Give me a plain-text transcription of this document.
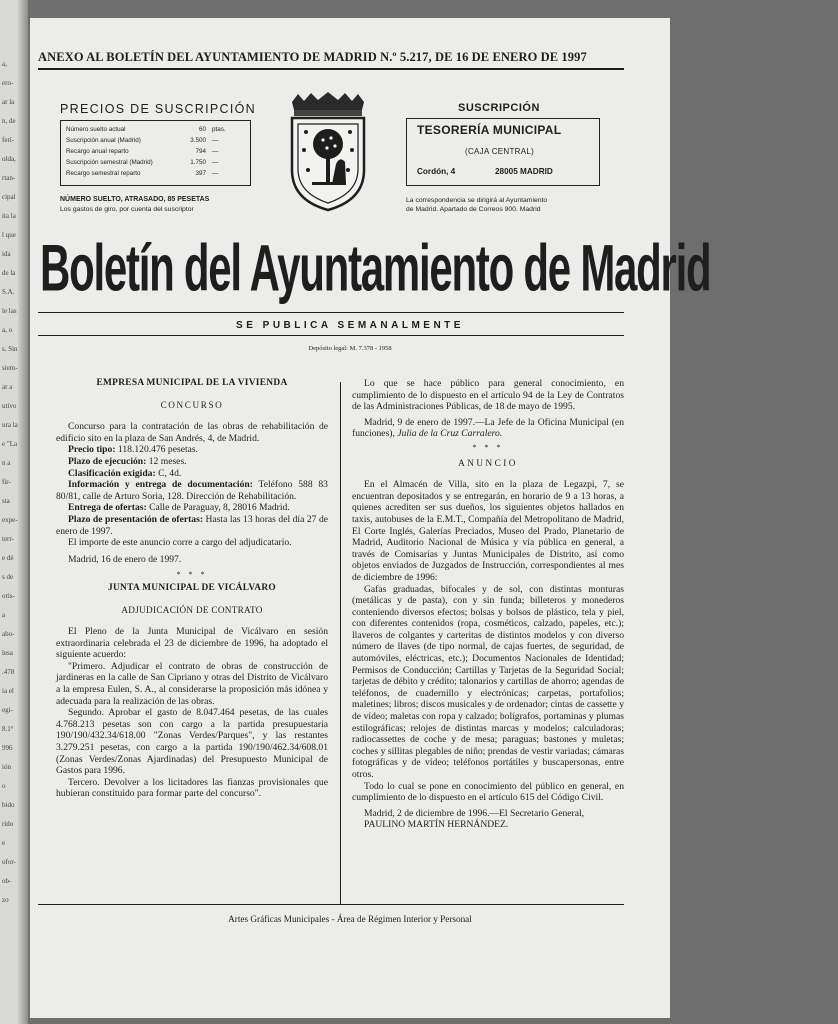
a,
ero-
ar la
n, de
ferí-
olda,
rtan-
cipal
ita la
l que
ida
de la
S.A.
le las
a, o
s. Sin
siem-
ar a
utivo
ura la
e "La
n a
fir-
sta
expe-
terr-
e dé
s de
oris-
a
abo-
lesa
.478
ia el
egi-
8.1ª
996
ión
o
bido
rido
e
ofor-
ob-
zo
ANEXO AL BOLETÍN DEL AYUNTAMIENTO DE MADRID N.º 5.217, DE 16 DE ENERO DE 1997
PRECIOS DE SUSCRIPCIÓN
Número suelto actual	60 ptas.
Suscripción anual (Madrid)	3.500 —
Recargo anual reparto	794 —
Suscripción semestral (Madrid)	1.750 —
Recargo semestral reparto	397 —
NÚMERO SUELTO, ATRASADO, 85 PESETAS
Los gastos de giro, por cuenta del suscriptor
SUSCRIPCIÓN
TESORERÍA MUNICIPAL
(CAJA CENTRAL)
Cordón, 4	28005 MADRID
La correspondencia se dirigirá al Ayuntamiento
de Madrid. Apartado de Correos 900. Madrid
Boletín del Ayuntamiento de Madrid
SE PUBLICA SEMANALMENTE
Depósito legal: M. 7.378 - 1958

EMPRESA MUNICIPAL DE LA VIVIENDA

CONCURSO

Concurso para la contratación de las obras de rehabilitación de edificio sito en la plaza de San Andrés, 4, de Madrid.

Precio tipo: 118.120.476 pesetas.

Plazo de ejecución: 12 meses.

Clasificación exigida: C, 4d.

Información y entrega de documentación: Teléfono 588 83 80/81, calle de Arturo Soria, 128. Dirección de Rehabilitación.

Entrega de ofertas: Calle de Paraguay, 8, 28016 Madrid.

Plazo de presentación de ofertas: Hasta las 13 horas del día 27 de enero de 1997.

El importe de este anuncio corre a cargo del adjudicatario.

Madrid, 16 de enero de 1997.

* * *

JUNTA MUNICIPAL DE VICÁLVARO

ADJUDICACIÓN DE CONTRATO

El Pleno de la Junta Municipal de Vicálvaro en sesión extraordinaria celebrada el 23 de diciembre de 1996, ha adoptado el siguiente acuerdo:

"Primero. Adjudicar el contrato de obras de construcción de jardineras en la calle de San Cipriano y otras del Distrito de Vicálvaro a la empresa Eulen, S. A., al considerarse la proposición más idónea y adecuada para la realización de las obras.

Segundo. Aprobar el gasto de 8.047.464 pesetas, de las cuales 4.768.213 pesetas son con cargo a la partida presupuestaria 190/190/432.34/618.00 "Zonas Verdes/Parques", y las restantes 3.279.251 pesetas, con cargo a la partida 190/190/462.34/608.01 (Zonas Verdes/Zonas Ajardinadas) del Presupuesto Municipal de Gastos para 1996.

Tercero. Devolver a los licitadores las fianzas provisionales que hubieran constituido para formar parte del concurso".

Lo que se hace público para general conocimiento, en cumplimiento de lo dispuesto en el artículo 94 de la Ley de Contratos de las Administraciones Públicas, de 18 de mayo de 1995.

Madrid, 9 de enero de 1997.—La Jefe de la Oficina Municipal (en funciones), Julia de la Cruz Carralero.

* * *

ANUNCIO

En el Almacén de Villa, sito en la plaza de Legazpi, 7, se encuentran depositados y se entregarán, en horario de 9 a 13 horas, a quienes acrediten ser sus dueños, los siguientes objetos hallados en taxis, autobuses de la E.M.T., Compañía del Metropolitano de Madrid, El Corte Inglés, Galerías Preciados, Museo del Prado, Planetario de Madrid, Auditorio Nacional de Música y vía pública en general, a través de Comisarías y Juntas Municipales de Distrito, así como objetos enviados de Juzgados de Instrucción, correspondientes al mes de diciembre de 1996:

Gafas graduadas, bifocales y de sol, con distintas monturas (metálicas y de pasta), con y sin funda; billeteros y monederos conteniendo diversos efectos; bolsas y bolsos de plástico, tela y piel, con diferentes contenidos (ropa, cosméticos, calzado, papeles, etc.); llaveros de colgantes y carteritas de distintos modelos y con diverso número de llaves (de tipo normal, de cajas fuertes, de seguridad, de automóviles, eléctricas, etc.); Documentos Nacionales de Identidad; Permisos de Conducción; Cartillas y Tarjetas de la Seguridad Social; tarjetas de débito y crédito; talonarios y cartillas de ahorro; agendas de teléfonos, de cuadernillo y electrónicas; carpetas, portafolios; maletines; libros; discos musicales y de ordenador; cintas de cassette y de vídeo; maletas con ropa y calzado; bolígrafos, portaminas y plumas estilográficas; relojes de distintas marcas y modelos; calculadoras; radiocassettes de coche y de mesa; paraguas; bastones y muletas; coches y sillitas plegables de niño; prendas de vestir variadas; cámaras fotográficas y de vídeo; teléfonos portátiles y buscapersonas, entre otros.

Todo lo cual se pone en conocimiento del público en general, en cumplimiento de lo dispuesto en el artículo 615 del Código Civil.

Madrid, 2 de diciembre de 1996.—El Secretario General,

PAULINO MARTÍN HERNÁNDEZ.

Artes Gráficas Municipales - Área de Régimen Interior y Personal
